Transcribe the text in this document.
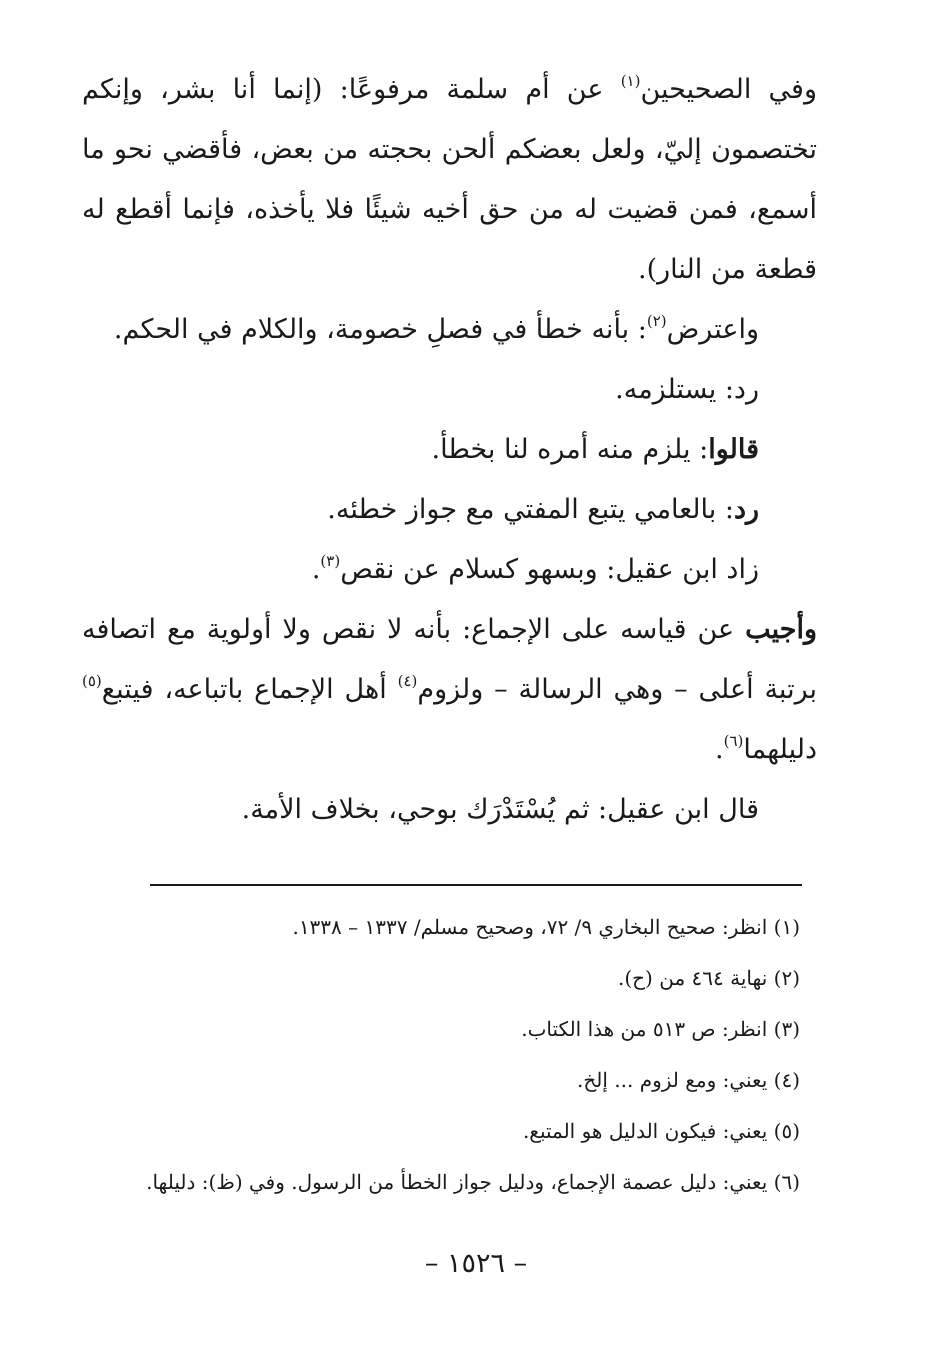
وفي الصحيحين$^{(١)}$ عن أم سلمة مرفوعًا: (إنما أنا بشر، وإنكم تختصمون إليّ، ولعل بعضكم ألحن بحجته من بعض، فأقضي نحو ما أسمع، فمن قضيت له من حق أخيه شيئًا فلا يأخذه، فإنما أقطع له قطعة من النار).

واعترض$^{(٢)}$: بأنه خطأ في فصلِ خصومة، والكلام في الحكم.

رد: يستلزمه.

قالوا: يلزم منه أمره لنا بخطأ.

رد: بالعامي يتبع المفتي مع جواز خطئه.

زاد ابن عقيل: وبسهو كسلام عن نقص$^{(٣)}$.

وأجيب عن قياسه على الإجماع: بأنه لا نقص ولا أولوية مع اتصافه برتبة أعلى – وهي الرسالة – ولزوم$^{(٤)}$ أهل الإجماع باتباعه، فيتبع$^{(٥)}$ دليلهما$^{(٦)}$.

قال ابن عقيل: ثم يُسْتَدْرَك بوحي، بخلاف الأمة.

(١) انظر: صحيح البخاري ٩/ ٧٢، وصحيح مسلم/ ١٣٣٧ – ١٣٣٨.

(٢) نهاية ٤٦٤ من (ح).

(٣) انظر: ص ٥١٣ من هذا الكتاب.

(٤) يعني: ومع لزوم ... إلخ.

(٥) يعني: فيكون الدليل هو المتبع.

(٦) يعني: دليل عصمة الإجماع، ودليل جواز الخطأ من الرسول. وفي (ظ): دليلها.

– ١٥٢٦ –
